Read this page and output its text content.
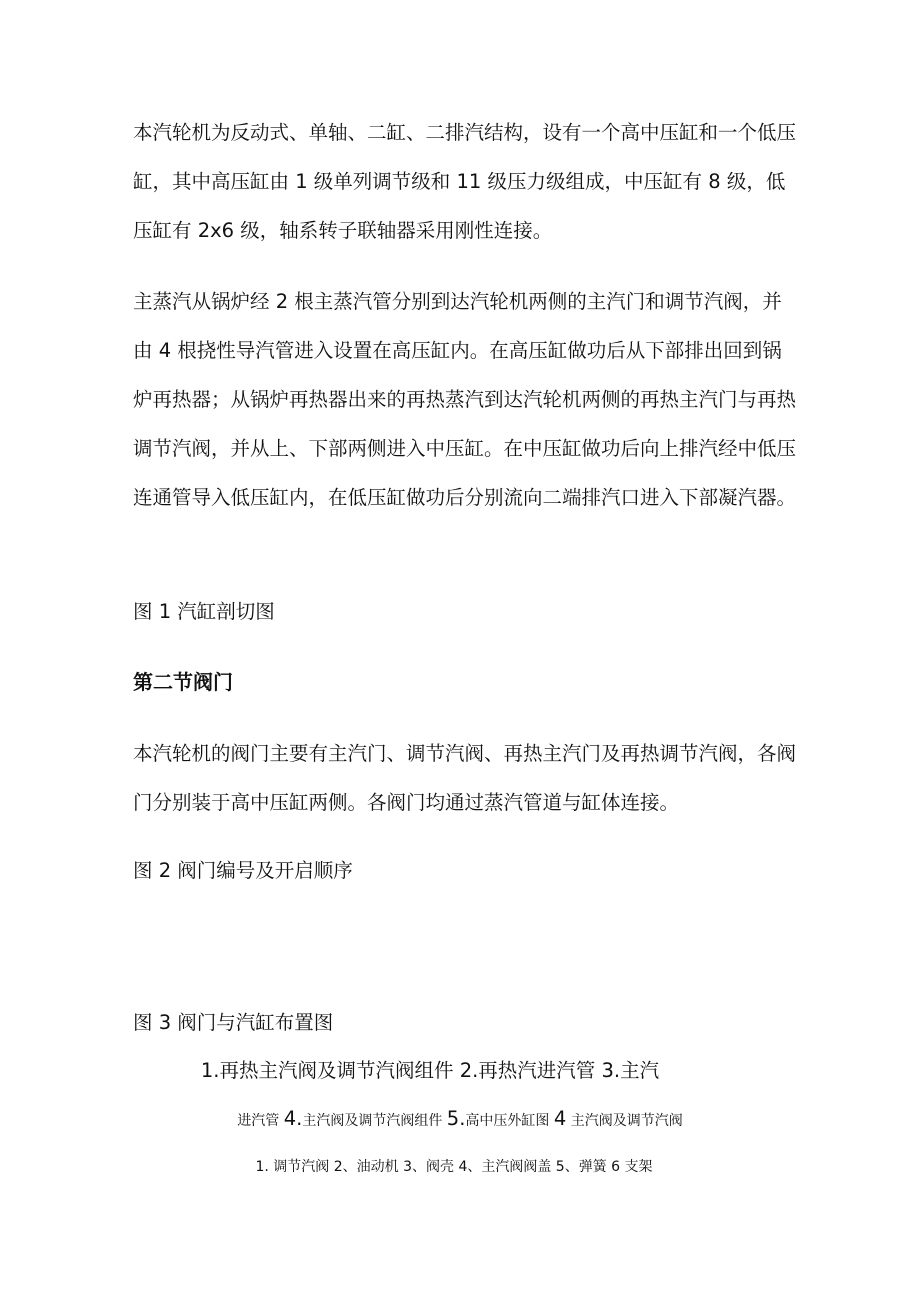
本汽轮机为反动式、单轴、二缸、二排汽结构，设有一个高中压缸和一个低压缸，其中高压缸由 1 级单列调节级和 11 级压力级组成，中压缸有 8 级，低压缸有 2x6 级，轴系转子联轴器采用刚性连接。

主蒸汽从锅炉经 2 根主蒸汽管分别到达汽轮机两侧的主汽门和调节汽阀，并由 4 根挠性导汽管进入设置在高压缸内。在高压缸做功后从下部排出回到锅炉再热器；从锅炉再热器出来的再热蒸汽到达汽轮机两侧的再热主汽门与再热调节汽阀，并从上、下部两侧进入中压缸。在中压缸做功后向上排汽经中低压连通管导入低压缸内，在低压缸做功后分别流向二端排汽口进入下部凝汽器。

图 1 汽缸剖切图

第二节阀门

本汽轮机的阀门主要有主汽门、调节汽阀、再热主汽门及再热调节汽阀，各阀门分别装于高中压缸两侧。各阀门均通过蒸汽管道与缸体连接。

图 2 阀门编号及开启顺序

图 3 阀门与汽缸布置图

1.再热主汽阀及调节汽阀组件 2.再热汽进汽管 3.主汽

进汽管 4.主汽阀及调节汽阀组件 5.高中压外缸图 4 主汽阀及调节汽阀

1. 调节汽阀 2、油动机 3、阀壳 4、主汽阀阀盖 5、弹簧 6 支架
